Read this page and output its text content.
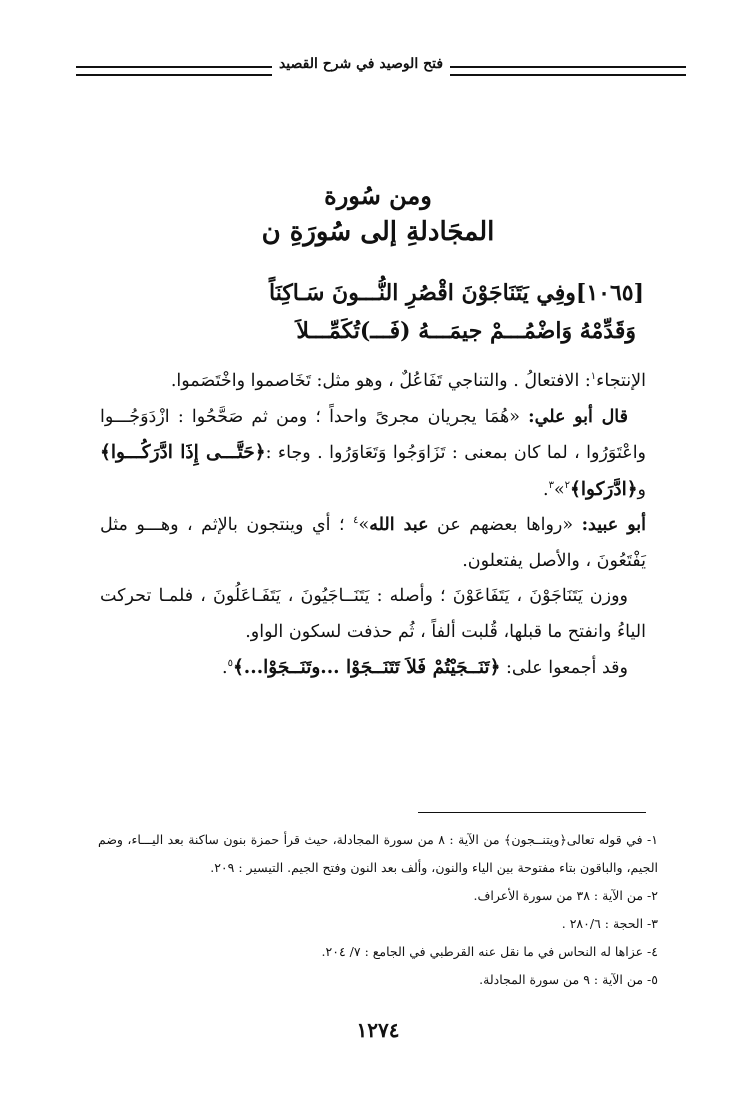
فتح الوصيد في شرح القصيد
ومن سُورة
المجَادلةِ إلى سُورَةِ ن
[١٠٦٥]وفِي يَتَنَاجَوْنَ اقْصُرِ النُّـــونَ سَـاكِنَاً
وَقَدِّمْهُ وَاضْمُـــمْ جيمَـــهُ (فَـــ)تُكَمِّـــلاَ

الإنتجاء$^١$: الافتعالُ . والتناجي تَفَاعُلٌ ، وهو مثل: تَخَاصموا واخْتَصَموا.

قال أبو علي: «هُمَا يجريان مجرىً واحداً ؛ ومن ثم صَحَّحُوا : ازْدَوَجُـــوا واعْتَوَرُوا ، لما كان بمعنى : تَزَاوَجُوا وَتَعَاوَرُوا . وجاء :﴿حَتَّـــى إِذَا ادَّرَكُـــوا﴾ و﴿ادَّرَكوا﴾$^٢$»$^٣$.

أبو عبيد: «رواها بعضهم عن عبد الله»$^٤$ ؛ أي وينتجون بالإثم ، وهـــو مثل يَفْتَعُونَ ، والأصل يفتعلون.

ووزن يَتَنَاجَوْنَ ، يَتَفَاعَوْنَ ؛ وأصله : يَتَنَــاجَيُونَ ، يَتَفَـاعَلُونَ ، فلمـا تحركت الياءُ وانفتح ما قبلها، قُلبت ألفاً ، ثُم حذفت لسكون الواو.

وقد أجمعوا على: ﴿تَنَــجَيْتُمْ فَلاَ تَتَنَــجَوْا ...وتَنَــجَوْا...﴾$^٥$.

١- في قوله تعالى﴿ويتنــجون﴾ من الآية : ٨ من سورة المجادلة، حيث قرأ حمزة بنون ساكنة بعد اليـــاء، وضم الجيم، والباقون بتاء مفتوحة بين الياء والنون، وألف بعد النون وفتح الجيم. التيسير : ٢٠٩.

٢- من الآية : ٣٨ من سورة الأعراف.

٣- الحجة : ٢٨٠/٦ .

٤- عزاها له النحاس في ما نقل عنه القرطبي في الجامع : ٧/ ٢٠٤.

٥- من الآية : ٩ من سورة المجادلة.

١٢٧٤
